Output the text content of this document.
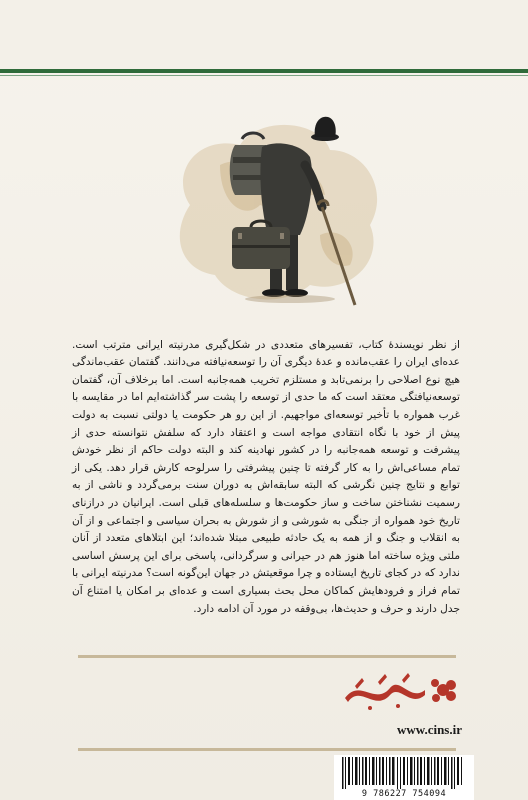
از نظر نویسندهٔ کتاب، تفسیرهای متعددی در شکل‌گیری مدرنیته ایرانی مترتب است. عده‌ای ایران را عقب‌مانده و عدهٔ دیگری آن را توسعه‌نیافته می‌دانند. گفتمان عقب‌ماندگی هیچ نوع اصلاحی را برنمی‌تابد و مستلزم تخریب همه‌جانبه است. اما برخلاف آن، گفتمان توسعه‌نیافتگی معتقد است که ما حدی از توسعه را پشت سر گذاشته‌ایم اما در مقایسه با غرب همواره با تأخیر توسعه‌ای مواجهیم. از این رو هر حکومت یا دولتی نسبت به دولت پیش از خود با نگاه انتقادی مواجه است و اعتقاد دارد که سلفش نتوانسته حدی از پیشرفت و توسعه همه‌جانبه را در کشور نهادینه کند و البته دولت حاکم از نظر خودش تمام مساعی‌اش را به کار گرفته تا چنین پیشرفتی را سرلوحه کارش قرار دهد. یکی از توابع و نتایج چنین نگرشی که البته سابقه‌اش به دوران سنت برمی‌گردد و ناشی از به رسمیت نشناختن ساخت و ساز حکومت‌ها و سلسله‌های قبلی است. ایرانیان در درازنای تاریخ خود همواره از جنگی به شورشی و از شورش به بحران سیاسی و اجتماعی و از آن به انقلاب و جنگ و از همه به یک حادثه طبیعی مبتلا شده‌اند؛ این ابتلاهای متعدد از آنان ملتی ویژه ساخته اما هنوز هم در حیرانی و سرگردانی، پاسخی برای این پرسش اساسی ندارد که در کجای تاریخ ایستاده و چرا موقعیتش در جهان این‌گونه است؟ مدرنیته ایرانی با تمام فراز و فرودهایش کماکان محل بحث بسیاری است و عده‌ای بر امکان یا امتناع آن جدل دارند و حرف و حدیث‌ها، بی‌وقفه در مورد آن ادامه دارد.

www.cins.ir
9 786227 754094
